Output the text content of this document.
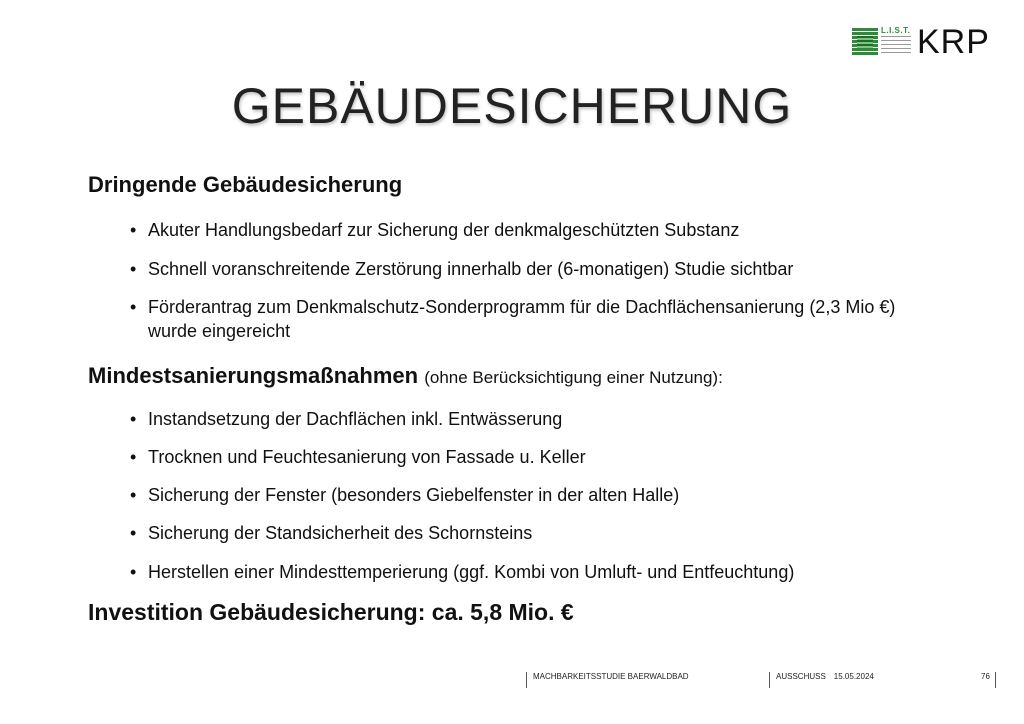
L.I.S.T. KRP
GEBÄUDESICHERUNG
Dringende Gebäudesicherung
• Akuter Handlungsbedarf zur Sicherung der denkmalgeschützten Substanz
• Schnell voranschreitende Zerstörung innerhalb der (6-monatigen) Studie sichtbar
• Förderantrag zum Denkmalschutz-Sonderprogramm für die Dachflächensanierung (2,3 Mio €) wurde eingereicht
Mindestsanierungsmaßnahmen (ohne Berücksichtigung einer Nutzung):
• Instandsetzung der Dachflächen inkl. Entwässerung
• Trocknen und Feuchtesanierung von Fassade u. Keller
• Sicherung der Fenster (besonders Giebelfenster in der alten Halle)
• Sicherung der Standsicherheit des Schornsteins
• Herstellen einer Mindesttemperierung (ggf. Kombi von Umluft- und Entfeuchtung)
Investition Gebäudesicherung: ca. 5,8 Mio. €
MACHBARKEITSSTUDIE BAERWALDBAD	AUSSCHUSS 15.05.2024	76
